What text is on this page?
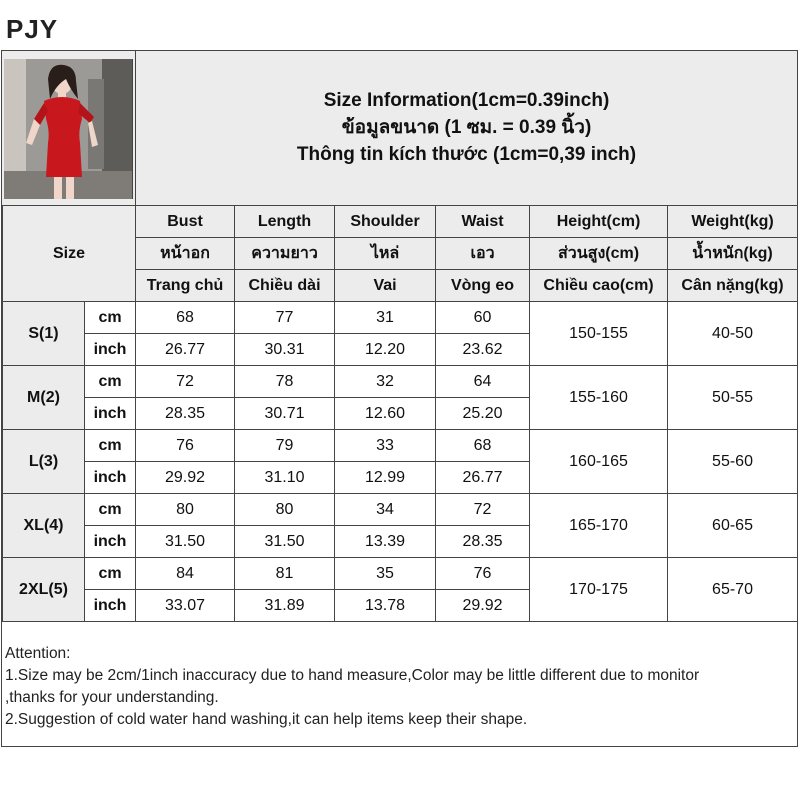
PJY
Size Information(1cm=0.39inch)
ข้อมูลขนาด (1 ซม. = 0.39 นิ้ว)
Thông tin kích thước (1cm=0,39 inch)
Size		Bust	Length	Shoulder	Waist	Height(cm)	Weight(kg)
		หน้าอก	ความยาว	ไหล่	เอว	ส่วนสูง(cm)	น้ำหนัก(kg)
		Trang chủ	Chiều dài	Vai	Vòng eo	Chiều cao(cm)	Cân nặng(kg)
S(1)	cm	68	77	31	60	150-155	40-50
	inch	26.77	30.31	12.20	23.62		
M(2)	cm	72	78	32	64	155-160	50-55
	inch	28.35	30.71	12.60	25.20		
L(3)	cm	76	79	33	68	160-165	55-60
	inch	29.92	31.10	12.99	26.77		
XL(4)	cm	80	80	34	72	165-170	60-65
	inch	31.50	31.50	13.39	28.35		
2XL(5)	cm	84	81	35	76	170-175	65-70
	inch	33.07	31.89	13.78	29.92		
Attention:
1.Size may be 2cm/1inch inaccuracy due to hand measure,Color may be little different due to monitor
,thanks for your understanding.
2.Suggestion of cold water hand washing,it can help items keep their shape.
